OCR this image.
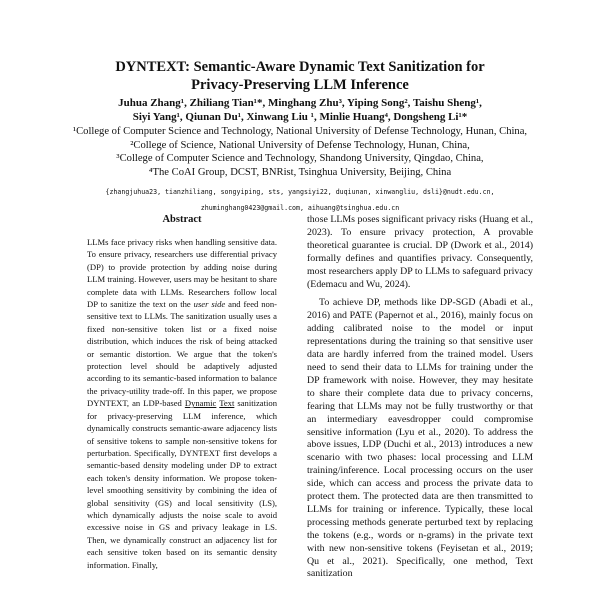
DYNTEXT: Semantic-Aware Dynamic Text Sanitization for
Privacy-Preserving LLM Inference
Juhua Zhang¹, Zhiliang Tian¹*, Minghang Zhu³, Yiping Song², Taishu Sheng¹,
Siyi Yang¹, Qiunan Du¹, Xinwang Liu ¹, Minlie Huang⁴, Dongsheng Li¹*
¹College of Computer Science and Technology, National University of Defense Technology, Hunan, China,
²College of Science, National University of Defense Technology, Hunan, China,
³College of Computer Science and Technology, Shandong University, Qingdao, China,
⁴The CoAI Group, DCST, BNRist, Tsinghua University, Beijing, China
{zhangjuhua23, tianzhiliang, songyiping, sts, yangsiyi22, duqiunan, xinwangliu, dsli}@nudt.edu.cn,
zhuminghang0423@gmail.com, aihuang@tsinghua.edu.cn
Abstract

LLMs face privacy risks when handling sensitive data. To ensure privacy, researchers use differential privacy (DP) to provide protection by adding noise during LLM training. However, users may be hesitant to share complete data with LLMs. Researchers follow local DP to sanitize the text on the user side and feed non-sensitive text to LLMs. The sanitization usually uses a fixed non-sensitive token list or a fixed noise distribution, which induces the risk of being attacked or semantic distortion. We argue that the token's protection level should be adaptively adjusted according to its semantic-based information to balance the privacy-utility trade-off. In this paper, we propose DYNTEXT, an LDP-based Dynamic Text sanitization for privacy-preserving LLM inference, which dynamically constructs semantic-aware adjacency lists of sensitive tokens to sample non-sensitive tokens for perturbation. Specifically, DYNTEXT first develops a semantic-based density modeling under DP to extract each token's density information. We propose token-level smoothing sensitivity by combining the idea of global sensitivity (GS) and local sensitivity (LS), which dynamically adjusts the noise scale to avoid excessive noise in GS and privacy leakage in LS. Then, we dynamically construct an adjacency list for each sensitive token based on its semantic density information. Finally,

those LLMs poses significant privacy risks (Huang et al., 2023). To ensure privacy protection, A provable theoretical guarantee is crucial. DP (Dwork et al., 2014) formally defines and quantifies privacy. Consequently, most researchers apply DP to LLMs to safeguard privacy (Edemacu and Wu, 2024).

To achieve DP, methods like DP-SGD (Abadi et al., 2016) and PATE (Papernot et al., 2016), mainly focus on adding calibrated noise to the model or input representations during the training so that sensitive user data are hardly inferred from the trained model. Users need to send their data to LLMs for training under the DP framework with noise. However, they may hesitate to share their complete data due to privacy concerns, fearing that LLMs may not be fully trustworthy or that an intermediary eavesdropper could compromise sensitive information (Lyu et al., 2020). To address the above issues, LDP (Duchi et al., 2013) introduces a new scenario with two phases: local processing and LLM training/inference. Local processing occurs on the user side, which can access and process the private data to protect them. The protected data are then transmitted to LLMs for training or inference. Typically, these local processing methods generate perturbed text by replacing the tokens (e.g., words or n-grams) in the private text with new non-sensitive tokens (Feyisetan et al., 2019; Qu et al., 2021). Specifically, one method, Text sanitization
